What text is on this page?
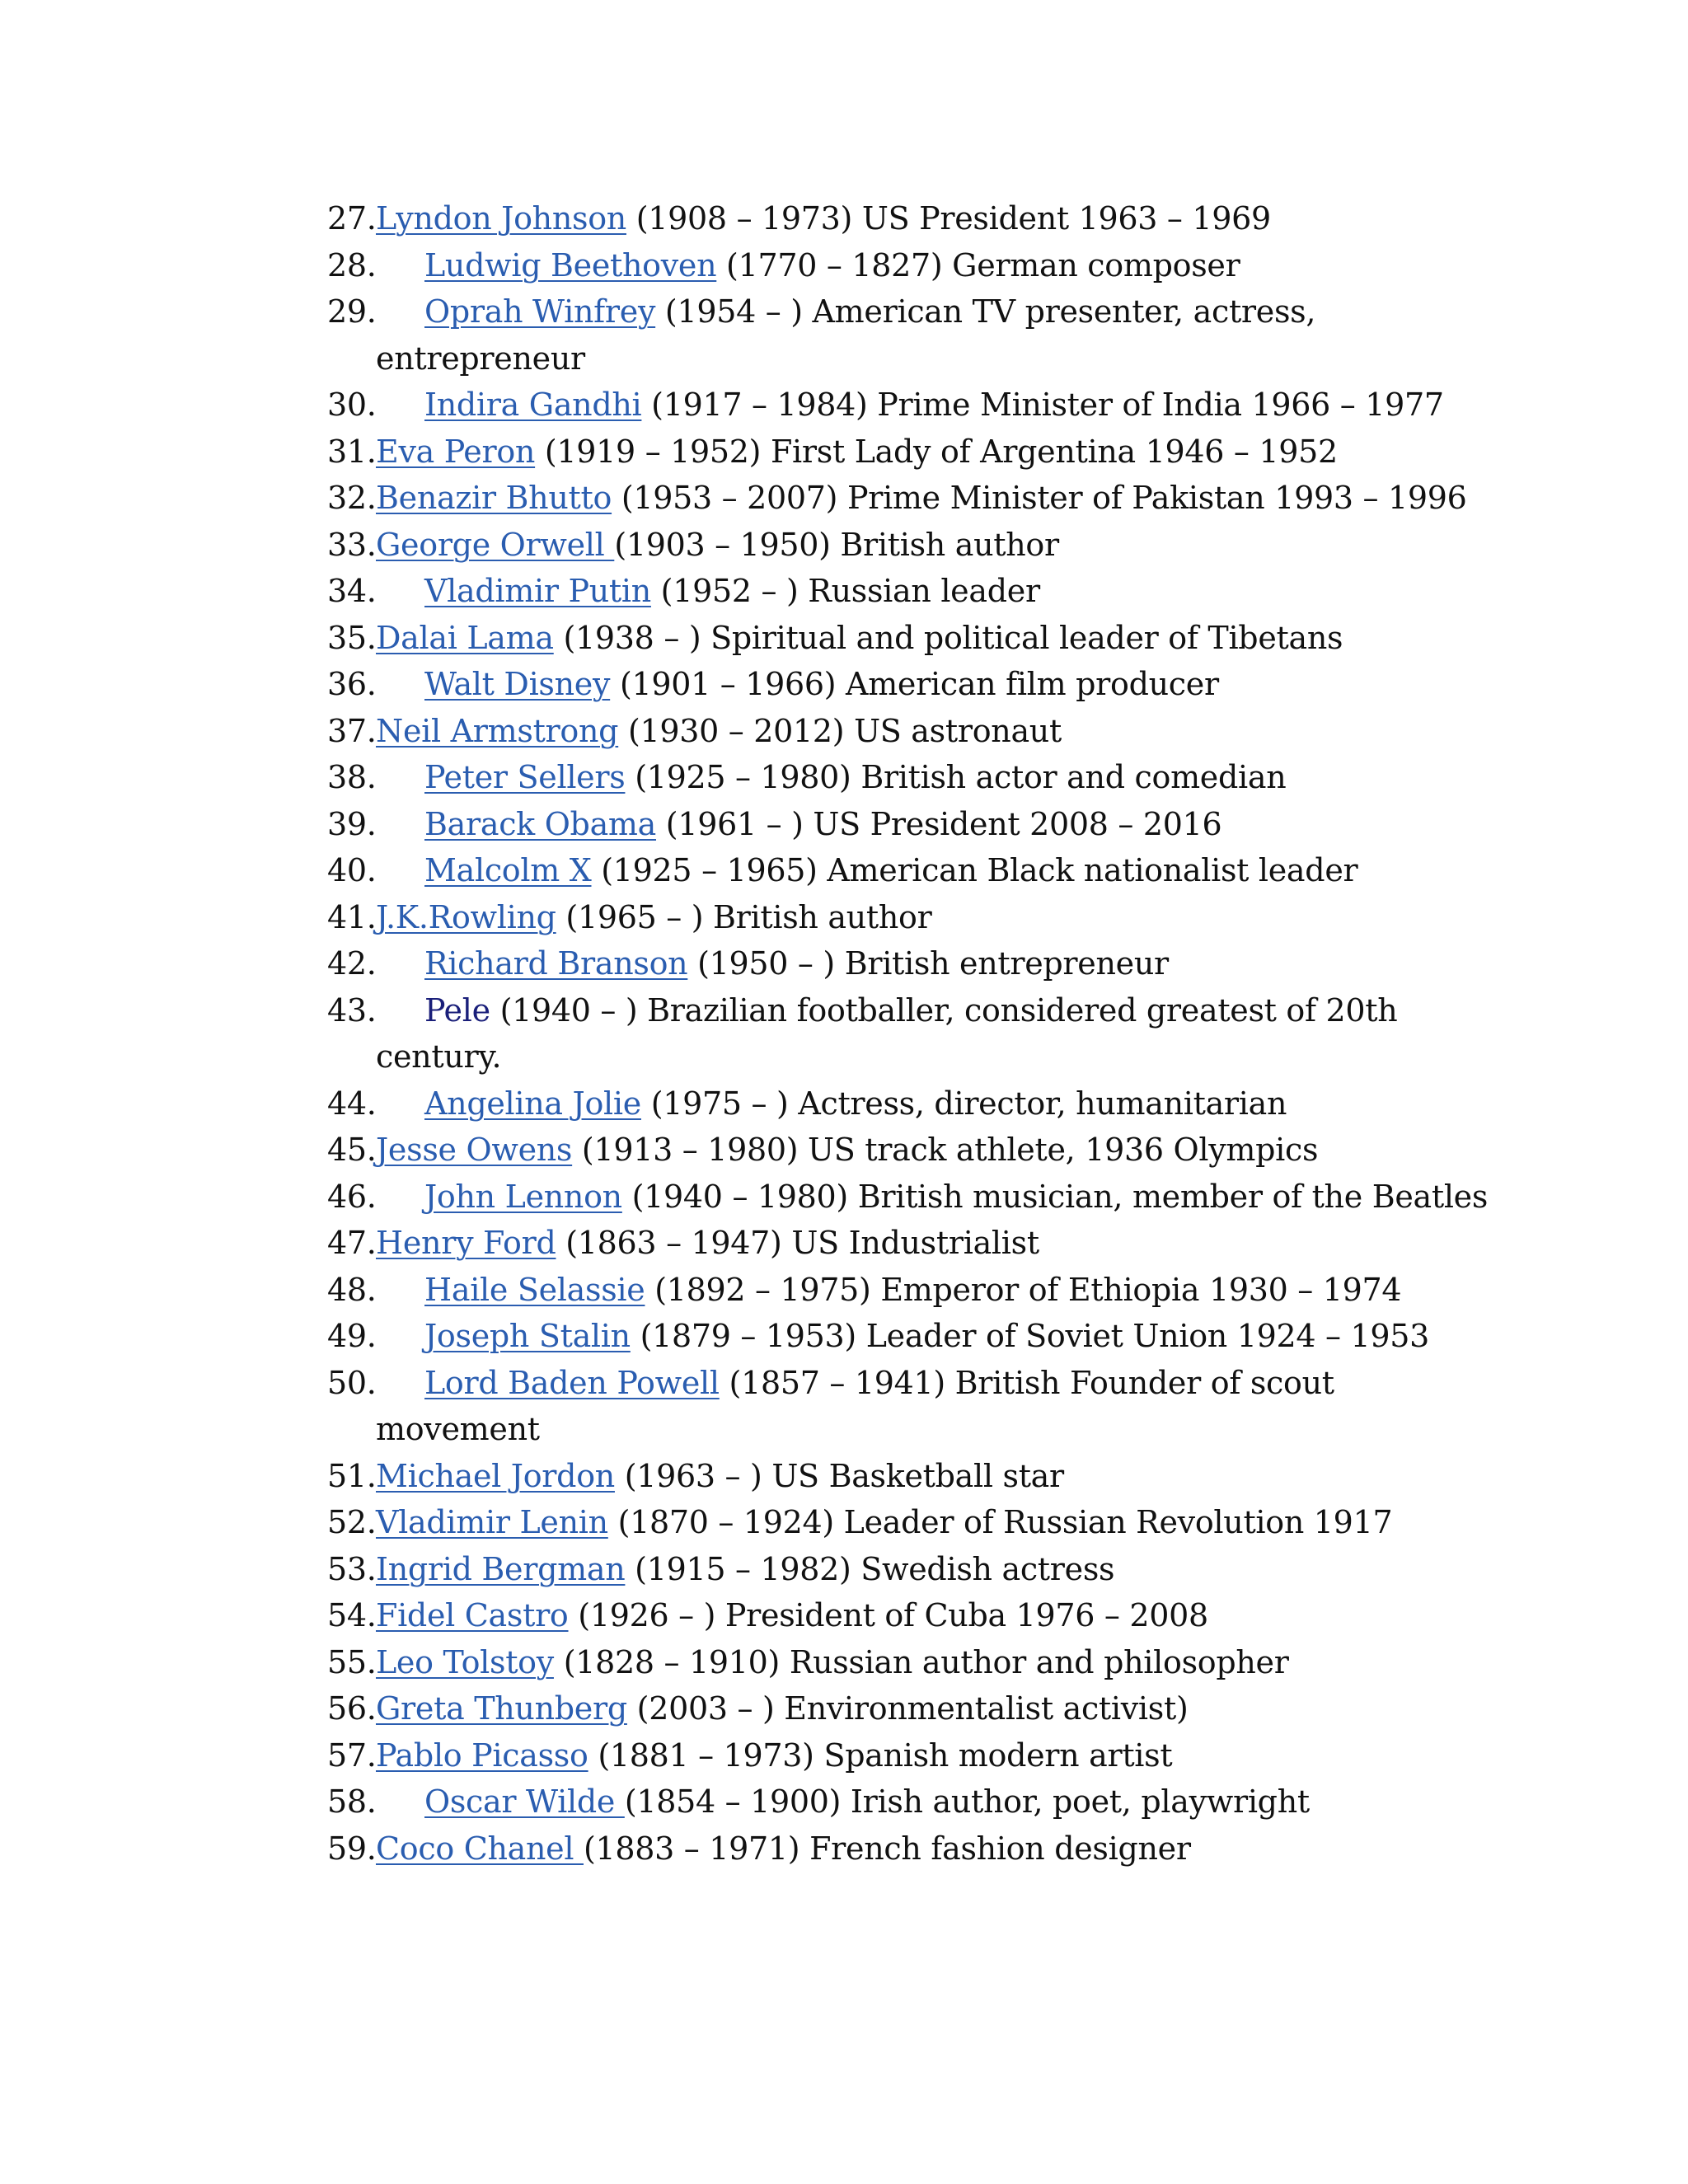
27. Lyndon Johnson (1908 – 1973) US President 1963 – 1969
28. Ludwig Beethoven (1770 – 1827) German composer
29. Oprah Winfrey (1954 – ) American TV presenter, actress, entrepreneur
30. Indira Gandhi (1917 – 1984) Prime Minister of India 1966 – 1977
31. Eva Peron (1919 – 1952) First Lady of Argentina 1946 – 1952
32. Benazir Bhutto (1953 – 2007) Prime Minister of Pakistan 1993 – 1996
33. George Orwell (1903 – 1950) British author
34. Vladimir Putin (1952 – ) Russian leader
35. Dalai Lama (1938 – ) Spiritual and political leader of Tibetans
36. Walt Disney (1901 – 1966) American film producer
37. Neil Armstrong (1930 – 2012) US astronaut
38. Peter Sellers (1925 – 1980) British actor and comedian
39. Barack Obama (1961 – ) US President 2008 – 2016
40. Malcolm X (1925 – 1965) American Black nationalist leader
41. J.K.Rowling (1965 – ) British author
42. Richard Branson (1950 – ) British entrepreneur
43. Pele (1940 – ) Brazilian footballer, considered greatest of 20th century.
44. Angelina Jolie (1975 – ) Actress, director, humanitarian
45. Jesse Owens (1913 – 1980) US track athlete, 1936 Olympics
46. John Lennon (1940 – 1980) British musician, member of the Beatles
47. Henry Ford (1863 – 1947) US Industrialist
48. Haile Selassie (1892 – 1975) Emperor of Ethiopia 1930 – 1974
49. Joseph Stalin (1879 – 1953) Leader of Soviet Union 1924 – 1953
50. Lord Baden Powell (1857 – 1941) British Founder of scout movement
51. Michael Jordon (1963 – ) US Basketball star
52. Vladimir Lenin (1870 – 1924) Leader of Russian Revolution 1917
53. Ingrid Bergman (1915 – 1982) Swedish actress
54. Fidel Castro (1926 – ) President of Cuba 1976 – 2008
55. Leo Tolstoy (1828 – 1910) Russian author and philosopher
56. Greta Thunberg (2003 – ) Environmentalist activist)
57. Pablo Picasso (1881 – 1973) Spanish modern artist
58. Oscar Wilde (1854 – 1900) Irish author, poet, playwright
59. Coco Chanel (1883 – 1971) French fashion designer
